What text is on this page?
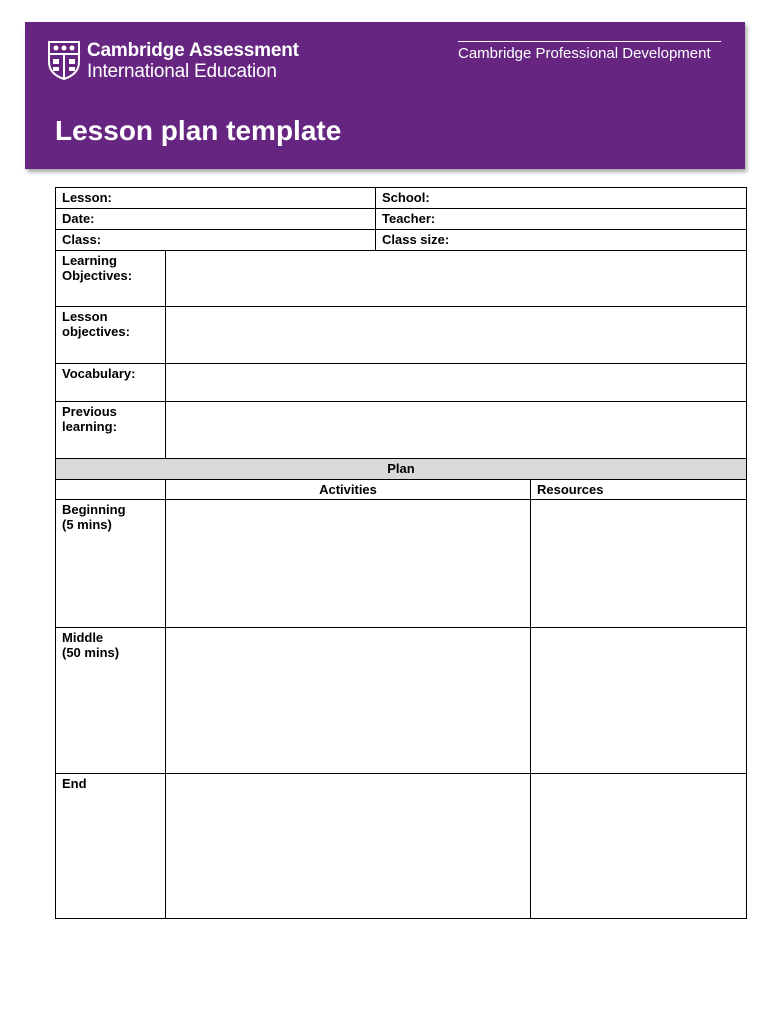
Cambridge Assessment
International Education
Cambridge Professional Development
Lesson plan template
Lesson:		School:	
Date:		Teacher:	
Class:		Class size:	
Learning
Objectives:			
Lesson
objectives:			
Vocabulary:			
Previous
learning:			
Plan			
	Activities		Resources
Beginning
(5 mins)			
Middle
(50 mins)			
End			
